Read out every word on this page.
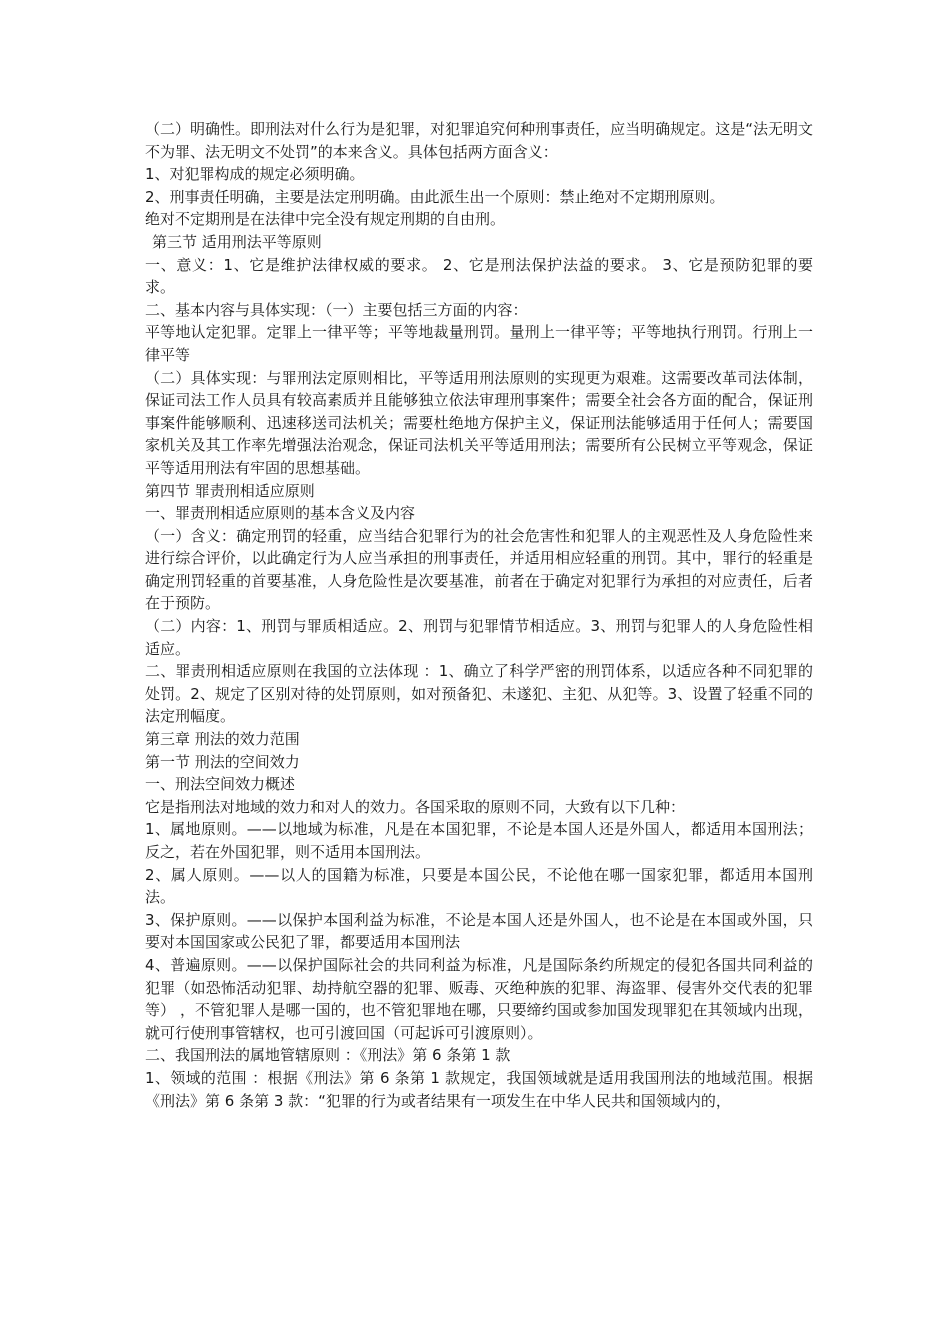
（二）明确性。即刑法对什么行为是犯罪，对犯罪追究何种刑事责任，应当明确规定。这是“法无明文不为罪、法无明文不处罚”的本来含义。具体包括两方面含义：

1、对犯罪构成的规定必须明确。

2、刑事责任明确，主要是法定刑明确。由此派生出一个原则：禁止绝对不定期刑原则。

绝对不定期刑是在法律中完全没有规定刑期的自由刑。

第三节 适用刑法平等原则

一、意义：1、它是维护法律权威的要求。 2、它是刑法保护法益的要求。 3、它是预防犯罪的要求。

二、基本内容与具体实现：（一）主要包括三方面的内容：

平等地认定犯罪。定罪上一律平等；平等地裁量刑罚。量刑上一律平等；平等地执行刑罚。行刑上一律平等

（二）具体实现：与罪刑法定原则相比，平等适用刑法原则的实现更为艰难。这需要改革司法体制，保证司法工作人员具有较高素质并且能够独立依法审理刑事案件；需要全社会各方面的配合，保证刑事案件能够顺利、迅速移送司法机关；需要杜绝地方保护主义，保证刑法能够适用于任何人；需要国家机关及其工作率先增强法治观念，保证司法机关平等适用刑法；需要所有公民树立平等观念，保证平等适用刑法有牢固的思想基础。

第四节 罪责刑相适应原则

一、罪责刑相适应原则的基本含义及内容

（一）含义：确定刑罚的轻重，应当结合犯罪行为的社会危害性和犯罪人的主观恶性及人身危险性来进行综合评价，以此确定行为人应当承担的刑事责任，并适用相应轻重的刑罚。其中，罪行的轻重是确定刑罚轻重的首要基准，人身危险性是次要基准，前者在于确定对犯罪行为承担的对应责任，后者在于预防。

（二）内容：1、刑罚与罪质相适应。2、刑罚与犯罪情节相适应。3、刑罚与犯罪人的人身危险性相适应。

二、罪责刑相适应原则在我国的立法体现 ：1、确立了科学严密的刑罚体系，以适应各种不同犯罪的处罚。2、规定了区别对待的处罚原则，如对预备犯、未遂犯、主犯、从犯等。3、设置了轻重不同的法定刑幅度。

第三章 刑法的效力范围

第一节 刑法的空间效力

一、刑法空间效力概述

它是指刑法对地域的效力和对人的效力。各国采取的原则不同，大致有以下几种：

1、属地原则。——以地域为标准，凡是在本国犯罪，不论是本国人还是外国人，都适用本国刑法；反之，若在外国犯罪，则不适用本国刑法。

2、属人原则。——以人的国籍为标准，只要是本国公民，不论他在哪一国家犯罪，都适用本国刑法。

3、保护原则。——以保护本国利益为标准，不论是本国人还是外国人，也不论是在本国或外国，只要对本国国家或公民犯了罪，都要适用本国刑法

4、普遍原则。——以保护国际社会的共同利益为标准，凡是国际条约所规定的侵犯各国共同利益的犯罪（如恐怖活动犯罪、劫持航空器的犯罪、贩毒、灭绝种族的犯罪、海盗罪、侵害外交代表的犯罪等） ，不管犯罪人是哪一国的，也不管犯罪地在哪，只要缔约国或参加国发现罪犯在其领域内出现，就可行使刑事管辖权，也可引渡回国（可起诉可引渡原则）。

二、我国刑法的属地管辖原则 ：《刑法》第 6 条第 1 款

1、领域的范围 ：根据《刑法》第 6 条第 1 款规定，我国领域就是适用我国刑法的地域范围。根据《刑法》第 6 条第 3 款：“犯罪的行为或者结果有一项发生在中华人民共和国领域内的，
